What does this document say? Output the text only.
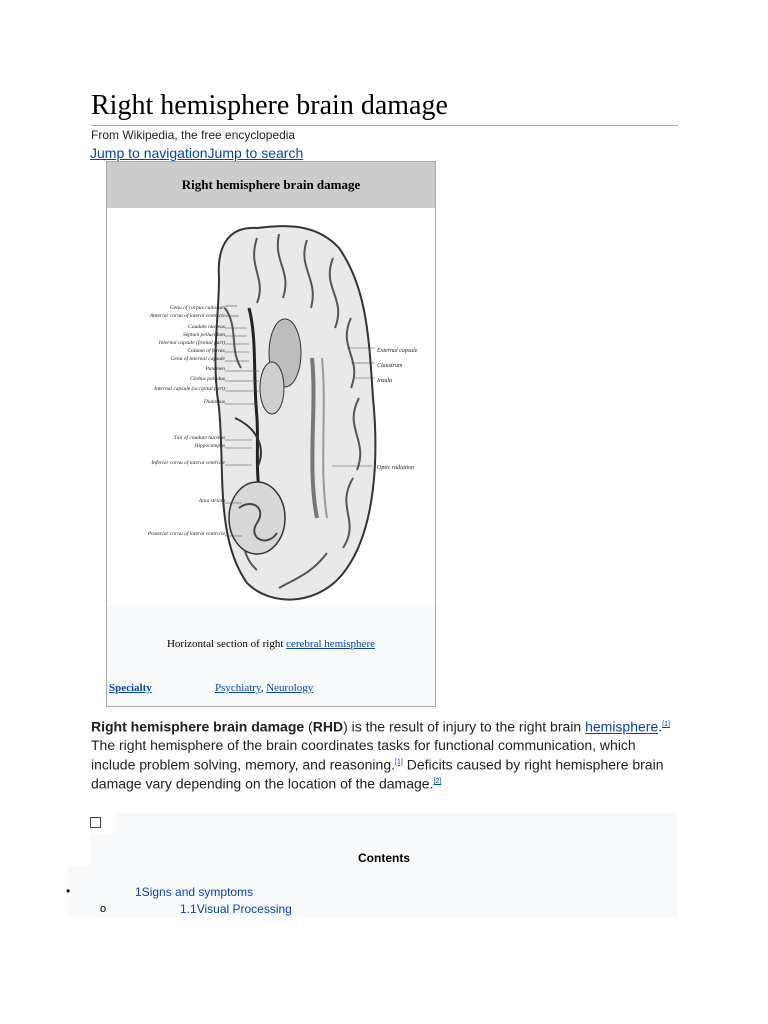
Right hemisphere brain damage
From Wikipedia, the free encyclopedia
Jump to navigationJump to search
Right hemisphere brain damage
Genu of corpus callosum
Anterior cornu of lateral ventricle
Caudate nucleus
Septum pellucidum
Internal capsule (frontal part)
Column of fornix
Genu of internal capsule
Putamen
Globus pallidus
Internal capsule (occipital part)
Thalamus
Tail of caudate nucleus
Hippocampus
Inferior cornu of lateral ventricle
Area striata
Posterior cornu of lateral ventricle
External capsule
Claustrum
Insula
Optic radiation
Horizontal section of right cerebral hemisphere
Specialty	Psychiatry, Neurology
Right hemisphere brain damage (RHD) is the result of injury to the right brain hemisphere.[1] The right hemisphere of the brain coordinates tasks for functional communication, which include problem solving, memory, and reasoning.[1] Deficits caused by right hemisphere brain damage vary depending on the location of the damage.[2]
Contents
•	1Signs and symptoms
o	1.1Visual Processing
